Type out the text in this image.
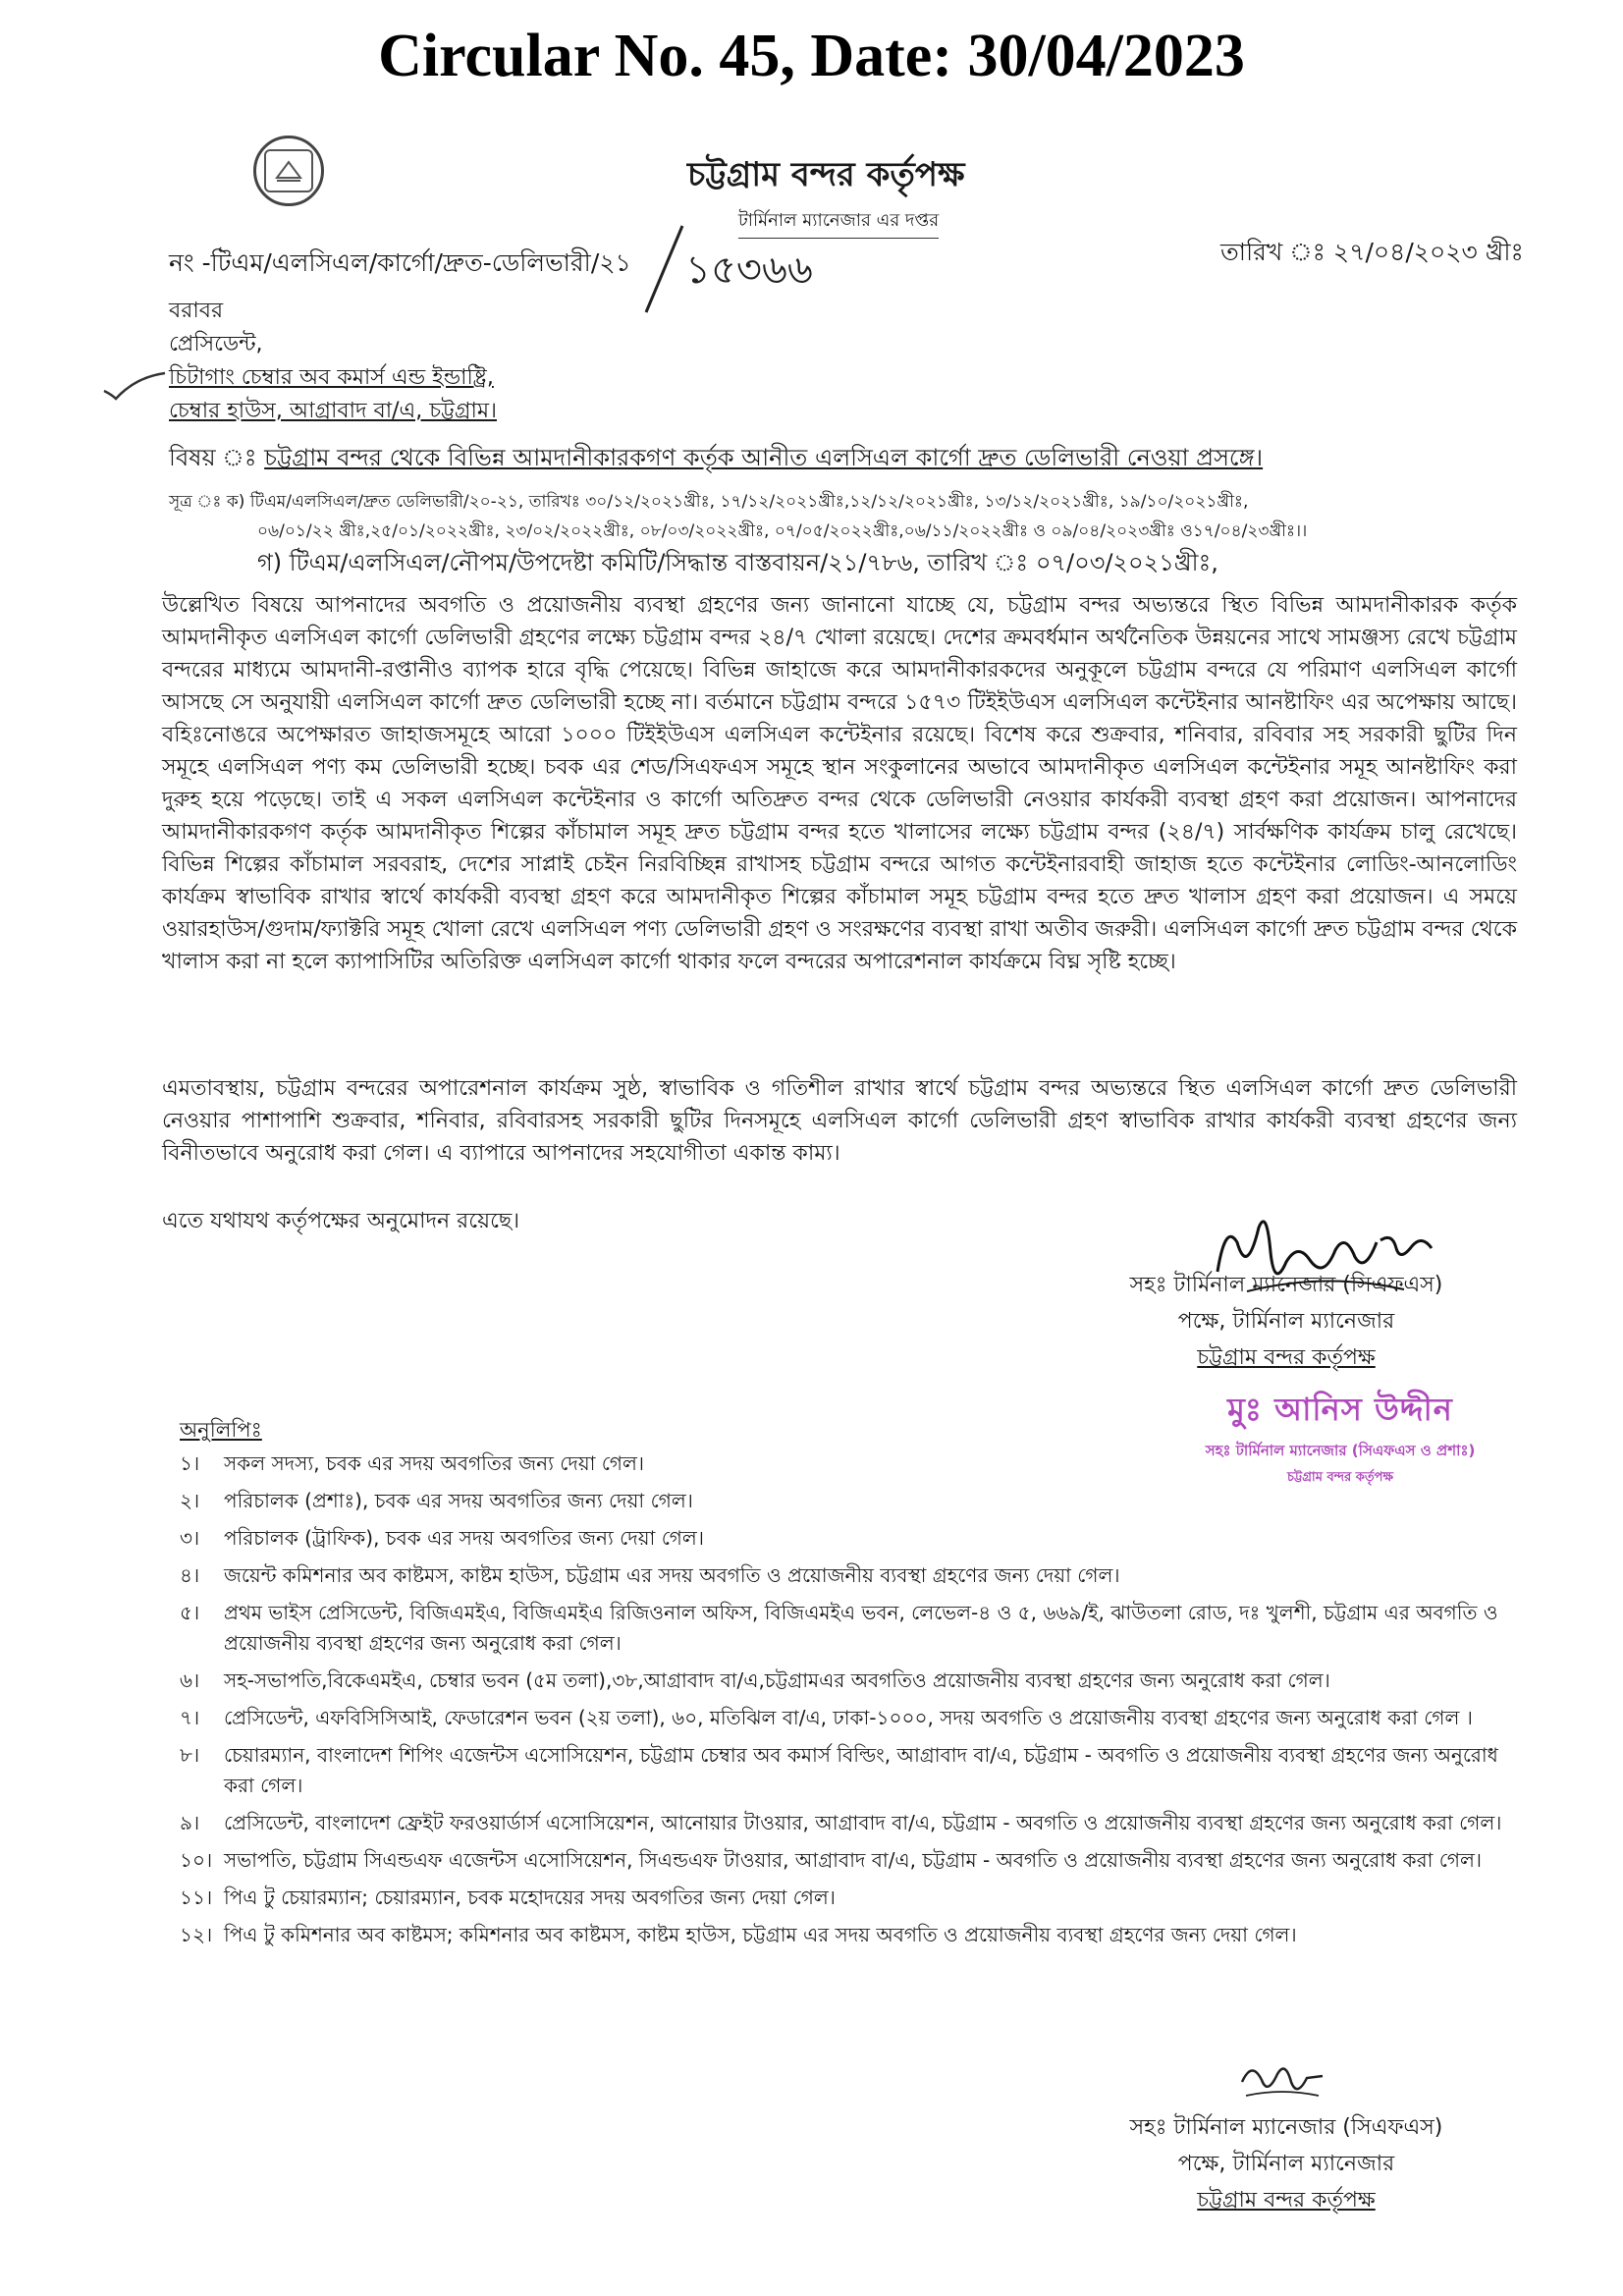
Circular No. 45, Date: 30/04/2023
চট্টগ্রাম বন্দর কর্তৃপক্ষ
টার্মিনাল ম্যানেজার এর দপ্তর
নং -টিএম/এলসিএল/কার্গো/দ্রুত-ডেলিভারী/২১ ১৫৩৬৬	তারিখ ঃ ২৭/০৪/২০২৩ খ্রীঃ
বরাবর
প্রেসিডেন্ট,
চিটাগাং চেম্বার অব কমার্স এন্ড ইন্ডাষ্ট্রি,
চেম্বার হাউস, আগ্রাবাদ বা/এ, চট্টগ্রাম।
বিষয় ঃ চট্টগ্রাম বন্দর থেকে বিভিন্ন আমদানীকারকগণ কর্তৃক আনীত এলসিএল কার্গো দ্রুত ডেলিভারী নেওয়া প্রসঙ্গে।
সূত্র ঃ ক) টিএম/এলসিএল/দ্রুত ডেলিভারী/২০-২১, তারিখঃ ৩০/১২/২০২১খ্রীঃ, ১৭/১২/২০২১খ্রীঃ,১২/১২/২০২১খ্রীঃ, ১৩/১২/২০২১খ্রীঃ, ১৯/১০/২০২১খ্রীঃ,
০৬/০১/২২ খ্রীঃ,২৫/০১/২০২২খ্রীঃ, ২৩/০২/২০২২খ্রীঃ, ০৮/০৩/২০২২খ্রীঃ, ০৭/০৫/২০২২খ্রীঃ,০৬/১১/২০২২খ্রীঃ ও ০৯/০৪/২০২৩খ্রীঃ ও১৭/০৪/২৩খ্রীঃ।।
গ) টিএম/এলসিএল/নৌপম/উপদেষ্টা কমিটি/সিদ্ধান্ত বাস্তবায়ন/২১/৭৮৬, তারিখ ঃ ০৭/০৩/২০২১খ্রীঃ,

উল্লেখিত বিষয়ে আপনাদের অবগতি ও প্রয়োজনীয় ব্যবস্থা গ্রহণের জন্য জানানো যাচ্ছে যে, চট্টগ্রাম বন্দর অভ্যন্তরে স্থিত বিভিন্ন আমদানীকারক কর্তৃক আমদানীকৃত এলসিএল কার্গো ডেলিভারী গ্রহণের লক্ষ্যে চট্টগ্রাম বন্দর ২৪/৭ খোলা রয়েছে। দেশের ক্রমবর্ধমান অর্থনৈতিক উন্নয়নের সাথে সামঞ্জস্য রেখে চট্টগ্রাম বন্দরের মাধ্যমে আমদানী-রপ্তানীও ব্যাপক হারে বৃদ্ধি পেয়েছে। বিভিন্ন জাহাজে করে আমদানীকারকদের অনুকূলে চট্টগ্রাম বন্দরে যে পরিমাণ এলসিএল কার্গো আসছে সে অনুযায়ী এলসিএল কার্গো দ্রুত ডেলিভারী হচ্ছে না। বর্তমানে চট্টগ্রাম বন্দরে ১৫৭৩ টিইইউএস এলসিএল কন্টেইনার আনষ্টাফিং এর অপেক্ষায় আছে। বহিঃনোঙরে অপেক্ষারত জাহাজসমূহে আরো ১০০০ টিইইউএস এলসিএল কন্টেইনার রয়েছে। বিশেষ করে শুক্রবার, শনিবার, রবিবার সহ সরকারী ছুটির দিন সমূহে এলসিএল পণ্য কম ডেলিভারী হচ্ছে। চবক এর শেড/সিএফএস সমূহে স্থান সংকুলানের অভাবে আমদানীকৃত এলসিএল কন্টেইনার সমূহ আনষ্টাফিং করা দুরুহ হয়ে পড়েছে। তাই এ সকল এলসিএল কন্টেইনার ও কার্গো অতিদ্রুত বন্দর থেকে ডেলিভারী নেওয়ার কার্যকরী ব্যবস্থা গ্রহণ করা প্রয়োজন। আপনাদের আমদানীকারকগণ কর্তৃক আমদানীকৃত শিল্পের কাঁচামাল সমূহ দ্রুত চট্টগ্রাম বন্দর হতে খালাসের লক্ষ্যে চট্টগ্রাম বন্দর (২৪/৭) সার্বক্ষণিক কার্যক্রম চালু রেখেছে। বিভিন্ন শিল্পের কাঁচামাল সরবরাহ, দেশের সাপ্লাই চেইন নিরবিচ্ছিন্ন রাখাসহ চট্টগ্রাম বন্দরে আগত কন্টেইনারবাহী জাহাজ হতে কন্টেইনার লোডিং-আনলোডিং কার্যক্রম স্বাভাবিক রাখার স্বার্থে কার্যকরী ব্যবস্থা গ্রহণ করে আমদানীকৃত শিল্পের কাঁচামাল সমূহ চট্টগ্রাম বন্দর হতে দ্রুত খালাস গ্রহণ করা প্রয়োজন। এ সময়ে ওয়ারহাউস/গুদাম/ফ্যাক্টরি সমূহ খোলা রেখে এলসিএল পণ্য ডেলিভারী গ্রহণ ও সংরক্ষণের ব্যবস্থা রাখা অতীব জরুরী। এলসিএল কার্গো দ্রুত চট্টগ্রাম বন্দর থেকে খালাস করা না হলে ক্যাপাসিটির অতিরিক্ত এলসিএল কার্গো থাকার ফলে বন্দরের অপারেশনাল কার্যক্রমে বিঘ্ন সৃষ্টি হচ্ছে।

এমতাবস্থায়, চট্টগ্রাম বন্দরের অপারেশনাল কার্যক্রম সুষ্ঠ, স্বাভাবিক ও গতিশীল রাখার স্বার্থে চট্টগ্রাম বন্দর অভ্যন্তরে স্থিত এলসিএল কার্গো দ্রুত ডেলিভারী নেওয়ার পাশাপাশি শুক্রবার, শনিবার, রবিবারসহ সরকারী ছুটির দিনসমূহে এলসিএল কার্গো ডেলিভারী গ্রহণ স্বাভাবিক রাখার কার্যকরী ব্যবস্থা গ্রহণের জন্য বিনীতভাবে অনুরোধ করা গেল। এ ব্যাপারে আপনাদের সহযোগীতা একান্ত কাম্য।

এতে যথাযথ কর্তৃপক্ষের অনুমোদন রয়েছে।
সহঃ টার্মিনাল ম্যানেজার (সিএফএস)
পক্ষে, টার্মিনাল ম্যানেজার
চট্টগ্রাম বন্দর কর্তৃপক্ষ
মুঃ আনিস উদ্দীন
সহঃ টার্মিনাল ম্যানেজার (সিএফএস ও প্রশাঃ)
চট্টগ্রাম বন্দর কর্তৃপক্ষ
অনুলিপিঃ
১।	সকল সদস্য, চবক এর সদয় অবগতির জন্য দেয়া গেল।
২।	পরিচালক (প্রশাঃ), চবক এর সদয় অবগতির জন্য দেয়া গেল।
৩।	পরিচালক (ট্রাফিক), চবক এর সদয় অবগতির জন্য দেয়া গেল।
৪।	জয়েন্ট কমিশনার অব কাষ্টমস, কাষ্টম হাউস, চট্টগ্রাম এর সদয় অবগতি ও প্রয়োজনীয় ব্যবস্থা গ্রহণের জন্য দেয়া গেল।
৫।	প্রথম ভাইস প্রেসিডেন্ট, বিজিএমইএ, বিজিএমইএ রিজিওনাল অফিস, বিজিএমইএ ভবন, লেভেল-৪ ও ৫, ৬৬৯/ই, ঝাউতলা রোড, দঃ খুলশী, চট্টগ্রাম এর অবগতি ও প্রয়োজনীয় ব্যবস্থা গ্রহণের জন্য অনুরোধ করা গেল।
৬।	সহ-সভাপতি,বিকেএমইএ, চেম্বার ভবন (৫ম তলা),৩৮,আগ্রাবাদ বা/এ,চট্টগ্রামএর অবগতিও প্রয়োজনীয় ব্যবস্থা গ্রহণের জন্য অনুরোধ করা গেল।
৭।	প্রেসিডেন্ট, এফবিসিসিআই, ফেডারেশন ভবন (২য় তলা), ৬০, মতিঝিল বা/এ, ঢাকা-১০০০, সদয় অবগতি ও প্রয়োজনীয় ব্যবস্থা গ্রহণের জন্য অনুরোধ করা গেল ।
৮।	চেয়ারম্যান, বাংলাদেশ শিপিং এজেন্টস এসোসিয়েশন, চট্টগ্রাম চেম্বার অব কমার্স বিল্ডিং, আগ্রাবাদ বা/এ, চট্টগ্রাম - অবগতি ও প্রয়োজনীয় ব্যবস্থা গ্রহণের জন্য অনুরোধ করা গেল।
৯।	প্রেসিডেন্ট, বাংলাদেশ ফ্রেইট ফরওয়ার্ডার্স এসোসিয়েশন, আনোয়ার টাওয়ার, আগ্রাবাদ বা/এ, চট্টগ্রাম - অবগতি ও প্রয়োজনীয় ব্যবস্থা গ্রহণের জন্য অনুরোধ করা গেল।
১০। সভাপতি, চট্টগ্রাম সিএন্ডএফ এজেন্টস এসোসিয়েশন, সিএন্ডএফ টাওয়ার, আগ্রাবাদ বা/এ, চট্টগ্রাম - অবগতি ও প্রয়োজনীয় ব্যবস্থা গ্রহণের জন্য অনুরোধ করা গেল।
১১। পিএ টু চেয়ারম্যান; চেয়ারম্যান, চবক মহোদয়ের সদয় অবগতির জন্য দেয়া গেল।
১২। পিএ টু কমিশনার অব কাষ্টমস; কমিশনার অব কাষ্টমস, কাষ্টম হাউস, চট্টগ্রাম এর সদয় অবগতি ও প্রয়োজনীয় ব্যবস্থা গ্রহণের জন্য দেয়া গেল।
সহঃ টার্মিনাল ম্যানেজার (সিএফএস)
পক্ষে, টার্মিনাল ম্যানেজার
চট্টগ্রাম বন্দর কর্তৃপক্ষ
